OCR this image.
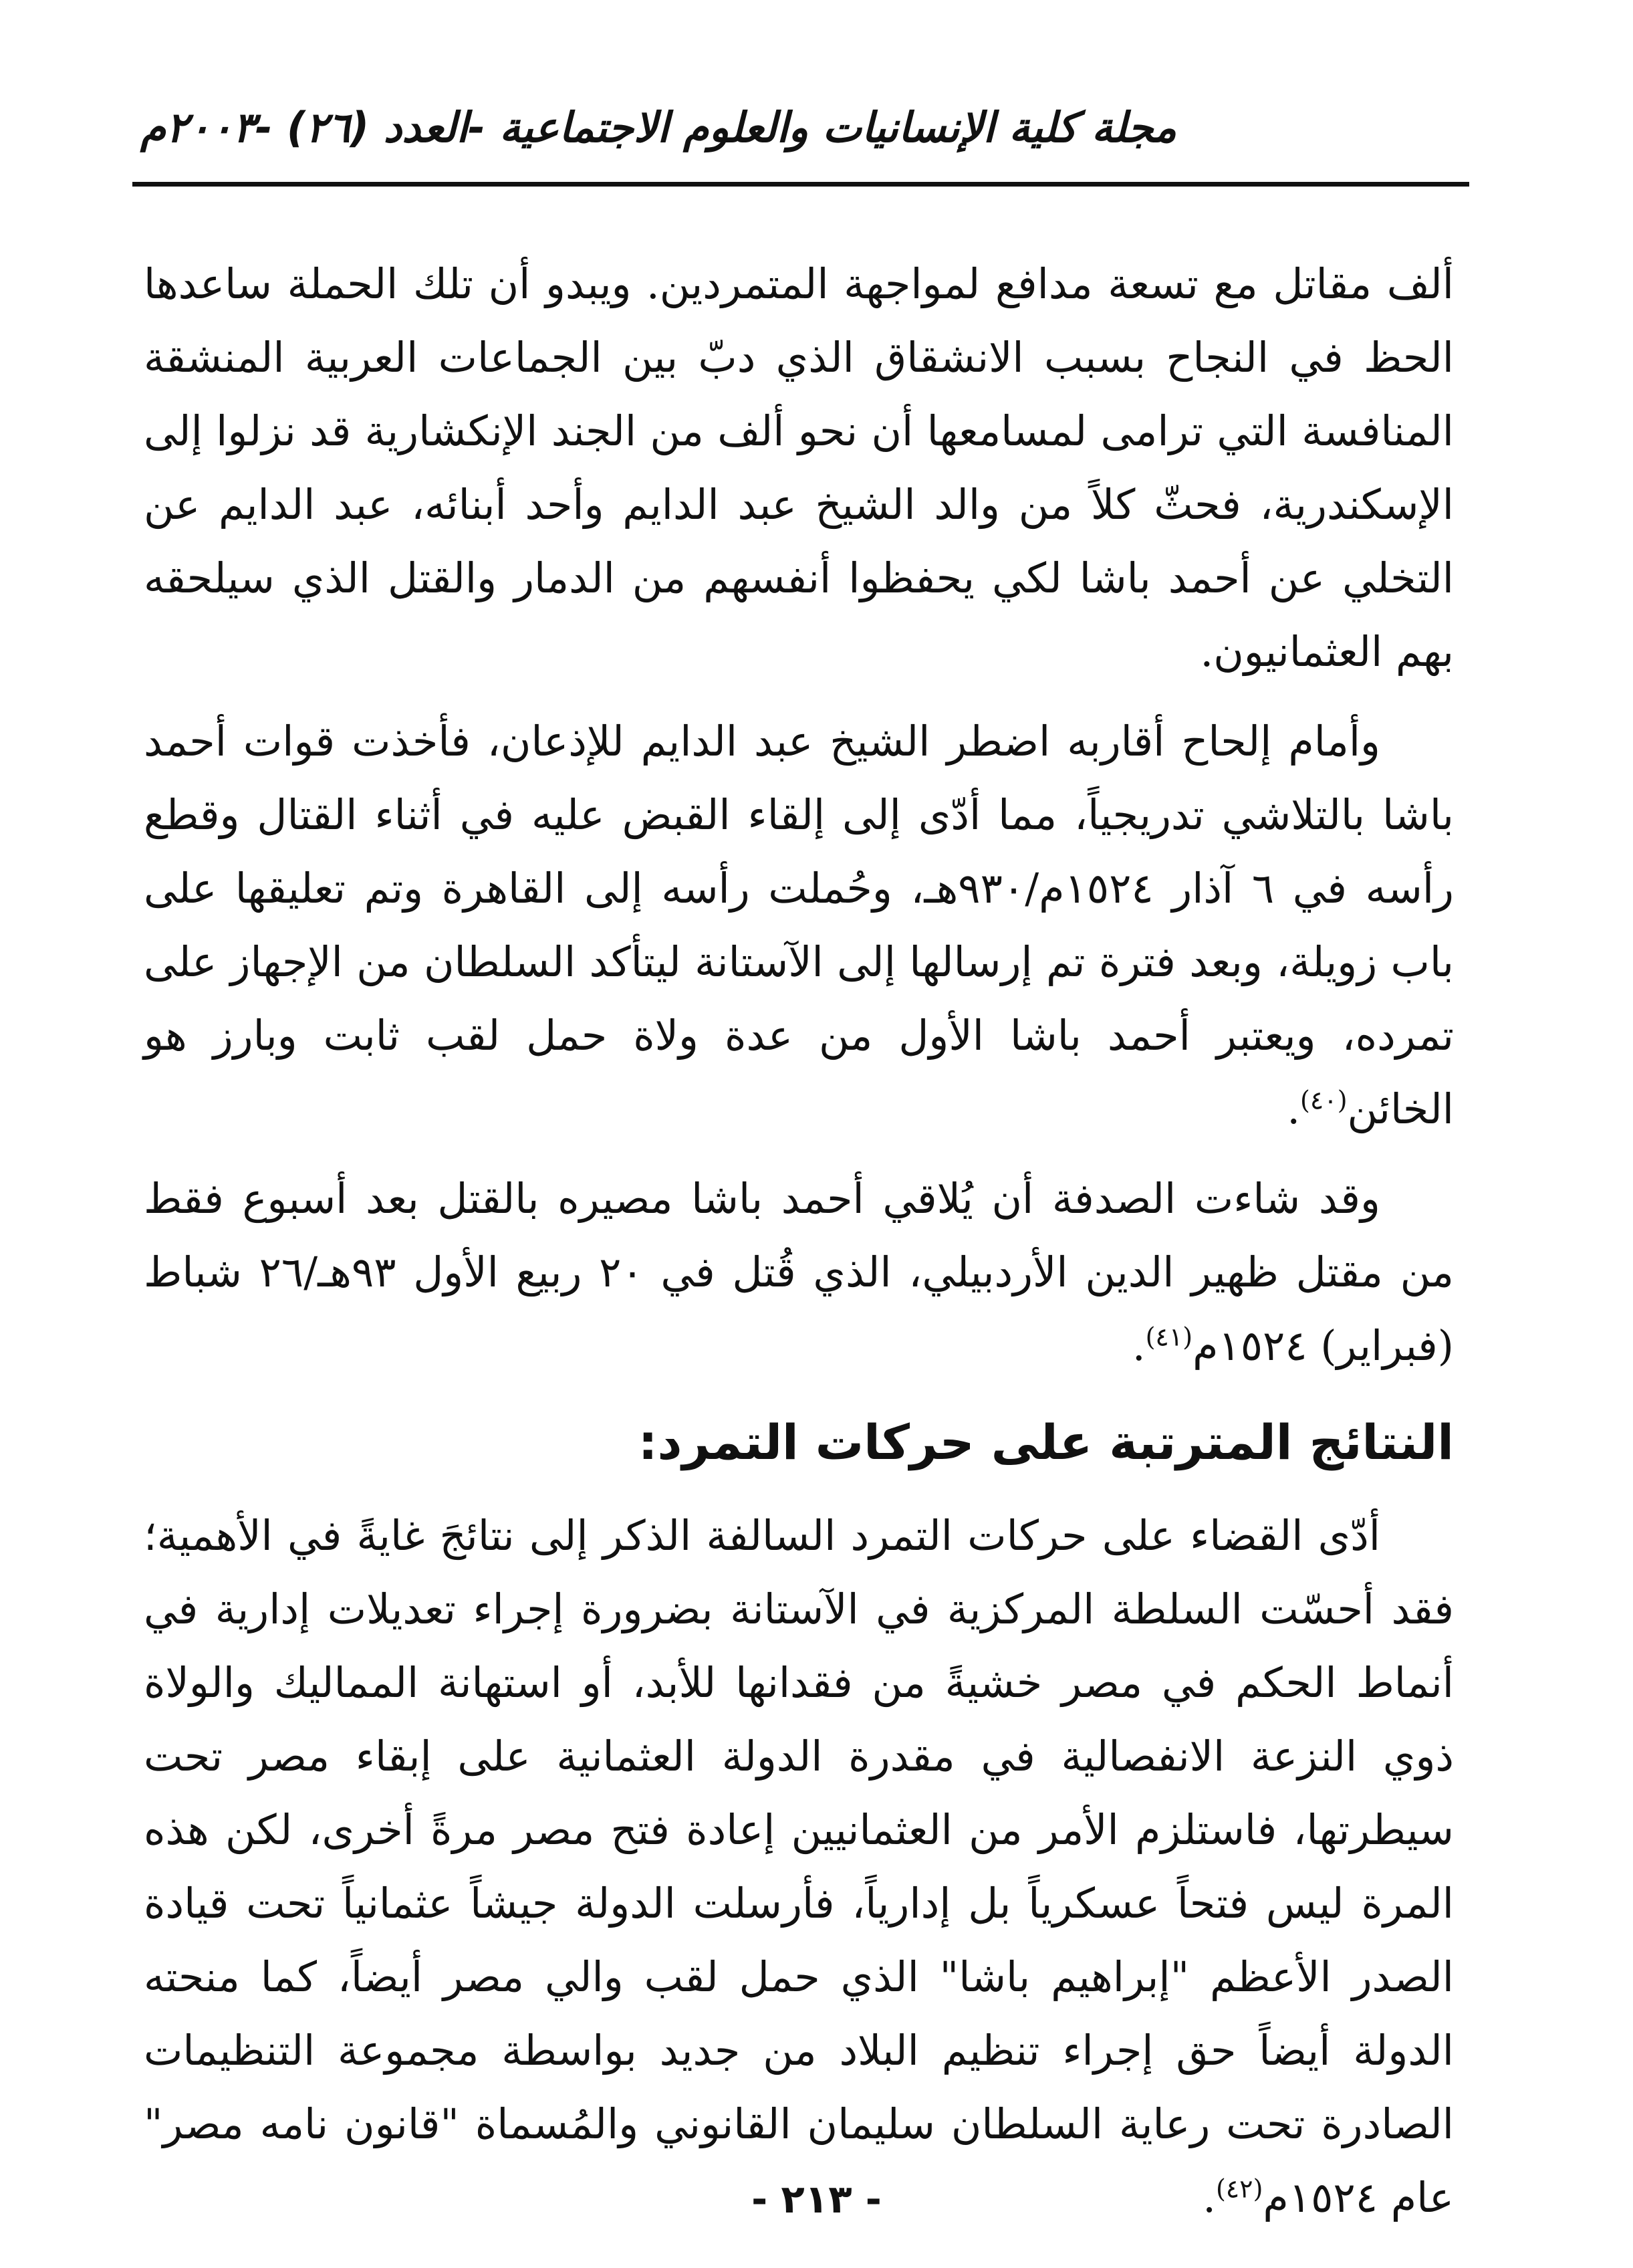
مجلة كلية الإنسانيات والعلوم الاجتماعية -العدد (٢٦) -٢٠٠٣م

ألف مقاتل مع تسعة مدافع لمواجهة المتمردين. ويبدو أن تلك الحملة ساعدها الحظ في النجاح بسبب الانشقاق الذي دبّ بين الجماعات العربية المنشقة المنافسة التي ترامى لمسامعها أن نحو ألف من الجند الإنكشارية قد نزلوا إلى الإسكندرية، فحثّ كلاً من والد الشيخ عبد الدايم وأحد أبنائه، عبد الدايم عن التخلي عن أحمد باشا لكي يحفظوا أنفسهم من الدمار والقتل الذي سيلحقه بهم العثمانيون.

وأمام إلحاح أقاربه اضطر الشيخ عبد الدايم للإذعان، فأخذت قوات أحمد باشا بالتلاشي تدريجياً، مما أدّى إلى إلقاء القبض عليه في أثناء القتال وقطع رأسه في ٦ آذار ١٥٢٤م/٩٣٠هـ، وحُملت رأسه إلى القاهرة وتم تعليقها على باب زويلة، وبعد فترة تم إرسالها إلى الآستانة ليتأكد السلطان من الإجهاز على تمرده، ويعتبر أحمد باشا الأول من عدة ولاة حمل لقب ثابت وبارز هو الخائن$^{(٤٠)}$.

وقد شاءت الصدفة أن يُلاقي أحمد باشا مصيره بالقتل بعد أسبوع فقط من مقتل ظهير الدين الأردبيلي، الذي قُتل في ٢٠ ربيع الأول ٩٣هـ/٢٦ شباط (فبراير) ١٥٢٤م$^{(٤١)}$.

النتائج المترتبة على حركات التمرد:

أدّى القضاء على حركات التمرد السالفة الذكر إلى نتائجَ غايةً في الأهمية؛ فقد أحسّت السلطة المركزية في الآستانة بضرورة إجراء تعديلات إدارية في أنماط الحكم في مصر خشيةً من فقدانها للأبد، أو استهانة المماليك والولاة ذوي النزعة الانفصالية في مقدرة الدولة العثمانية على إبقاء مصر تحت سيطرتها، فاستلزم الأمر من العثمانيين إعادة فتح مصر مرةً أخرى، لكن هذه المرة ليس فتحاً عسكرياً بل إدارياً، فأرسلت الدولة جيشاً عثمانياً تحت قيادة الصدر الأعظم "إبراهيم باشا" الذي حمل لقب والي مصر أيضاً، كما منحته الدولة أيضاً حق إجراء تنظيم البلاد من جديد بواسطة مجموعة التنظيمات الصادرة تحت رعاية السلطان سليمان القانوني والمُسماة "قانون نامه مصر" عام ١٥٢٤م$^{(٤٢)}$.

- ٢١٣ -
